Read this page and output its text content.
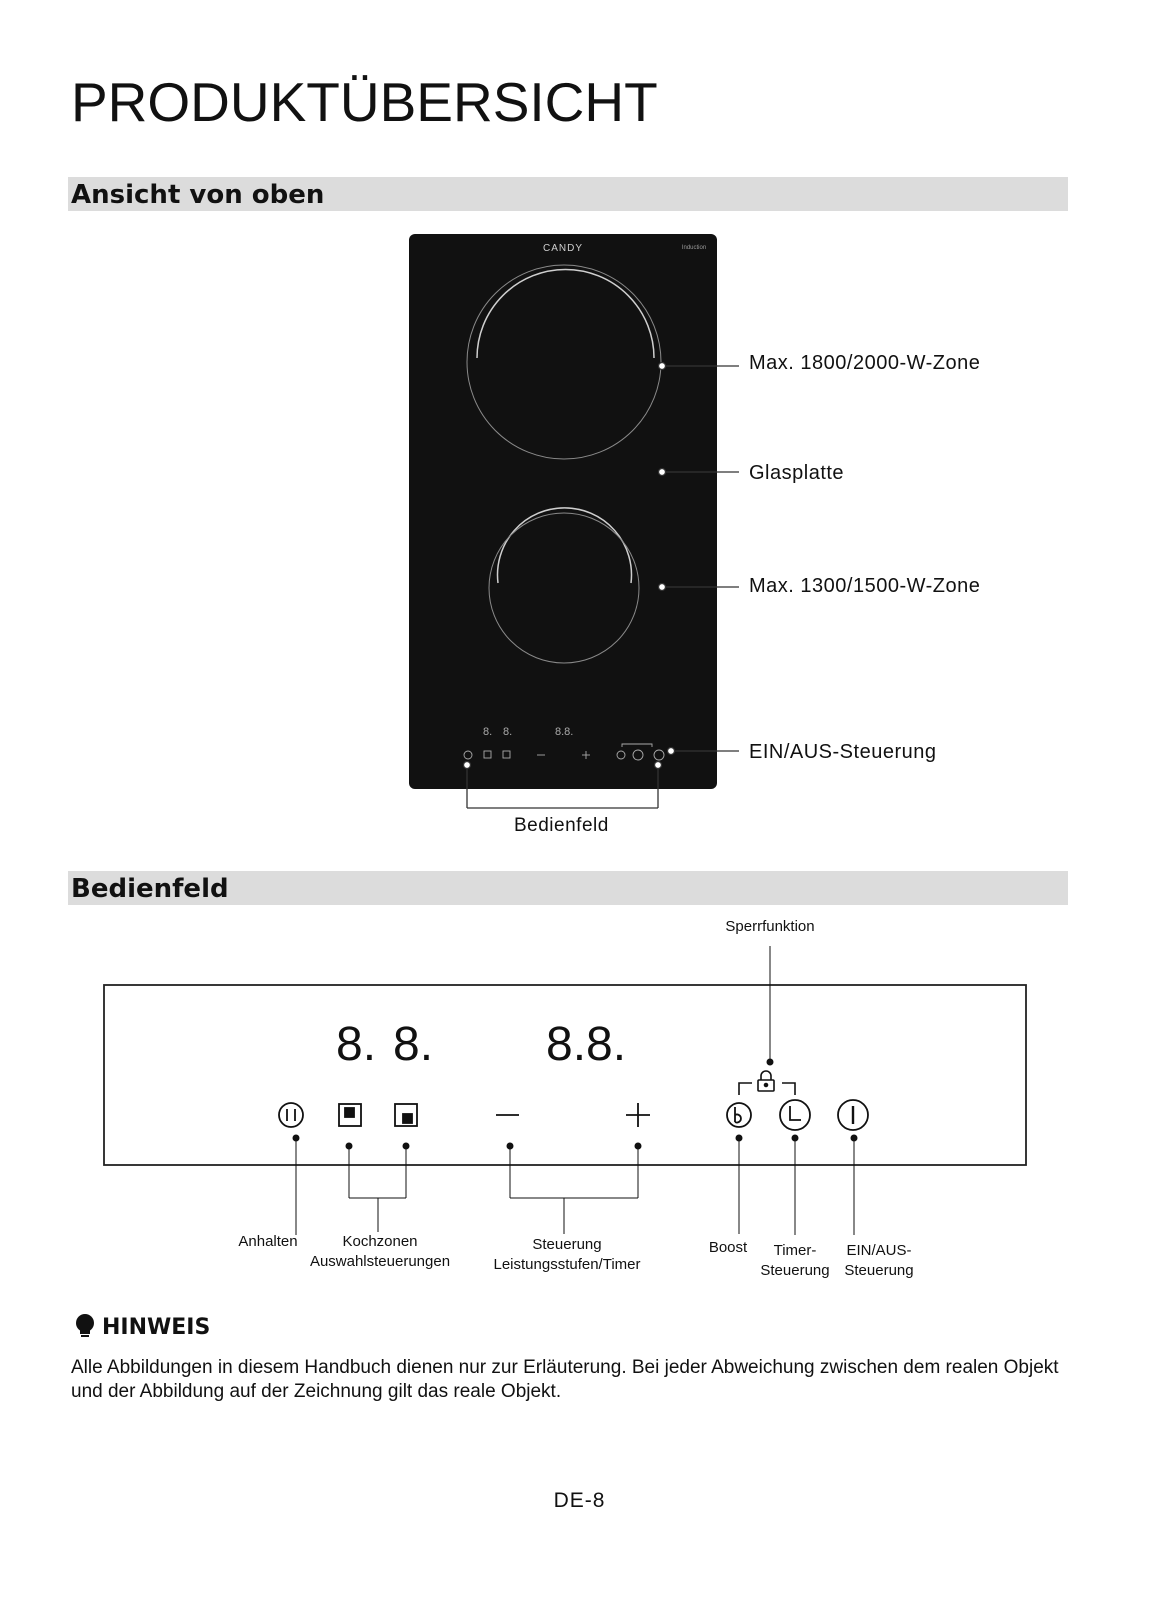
PRODUKTÜBERSICHT
Ansicht von oben
CANDY	Induction
8. 8.	8.8.
Max. 1800/2000-W-Zone
Glasplatte
Max. 1300/1500-W-Zone
EIN/AUS-Steuerung
Bedienfeld
Bedienfeld
8. 8. 8.8.
Sperrfunktion
Anhalten	Kochzonen
Auswahlsteuerungen
Steuerung
Leistungsstufen/Timer
Boost	Timer-
Steuerung
EIN/AUS-
Steuerung
HINWEIS
Alle Abbildungen in diesem Handbuch dienen nur zur Erläuterung. Bei jeder Abweichung zwischen dem realen Objekt und der Abbildung auf der Zeichnung gilt das reale Objekt.
DE-8
